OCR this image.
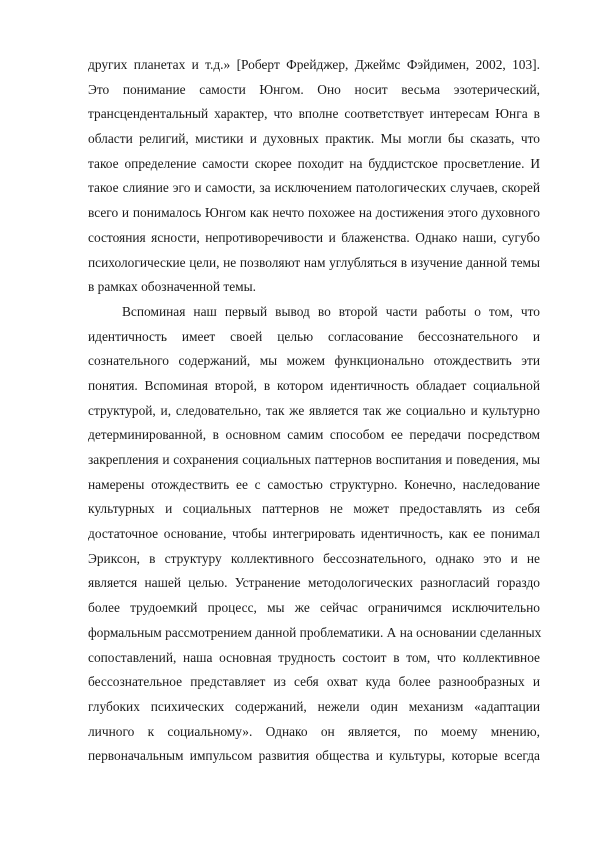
других планетах и т.д.» [Роберт Фрейджер, Джеймс Фэйдимен, 2002, 103].
Это понимание самости Юнгом. Оно носит весьма эзотерический,
трансцендентальный характер, что вполне соответствует интересам Юнга в
области религий, мистики и духовных практик. Мы могли бы сказать, что
такое определение самости скорее походит на буддистское просветление. И
такое слияние эго и самости, за исключением патологических случаев, скорей
всего и понималось Юнгом как нечто похожее на достижения этого духовного
состояния ясности, непротиворечивости и блаженства. Однако наши, сугубо
психологические цели, не позволяют нам углубляться в изучение данной темы
в рамках обозначенной темы.
Вспоминая наш первый вывод во второй части работы о том, что
идентичность имеет своей целью согласование бессознательного и
сознательного содержаний, мы можем функционально отождествить эти
понятия. Вспоминая второй, в котором идентичность обладает социальной
структурой, и, следовательно, так же является так же социально и культурно
детерминированной, в основном самим способом ее передачи посредством
закрепления и сохранения социальных паттернов воспитания и поведения, мы
намерены отождествить ее с самостью структурно. Конечно, наследование
культурных и социальных паттернов не может предоставлять из себя
достаточное основание, чтобы интегрировать идентичность, как ее понимал
Эриксон, в структуру коллективного бессознательного, однако это и не
является нашей целью. Устранение методологических разногласий гораздо
более трудоемкий процесс, мы же сейчас ограничимся исключительно
формальным рассмотрением данной проблематики. А на основании сделанных
сопоставлений, наша основная трудность состоит в том, что коллективное
бессознательное представляет из себя охват куда более разнообразных и
глубоких психических содержаний, нежели один механизм «адаптации
личного к социальному». Однако он является, по моему мнению,
первоначальным импульсом развития общества и культуры, которые всегда
